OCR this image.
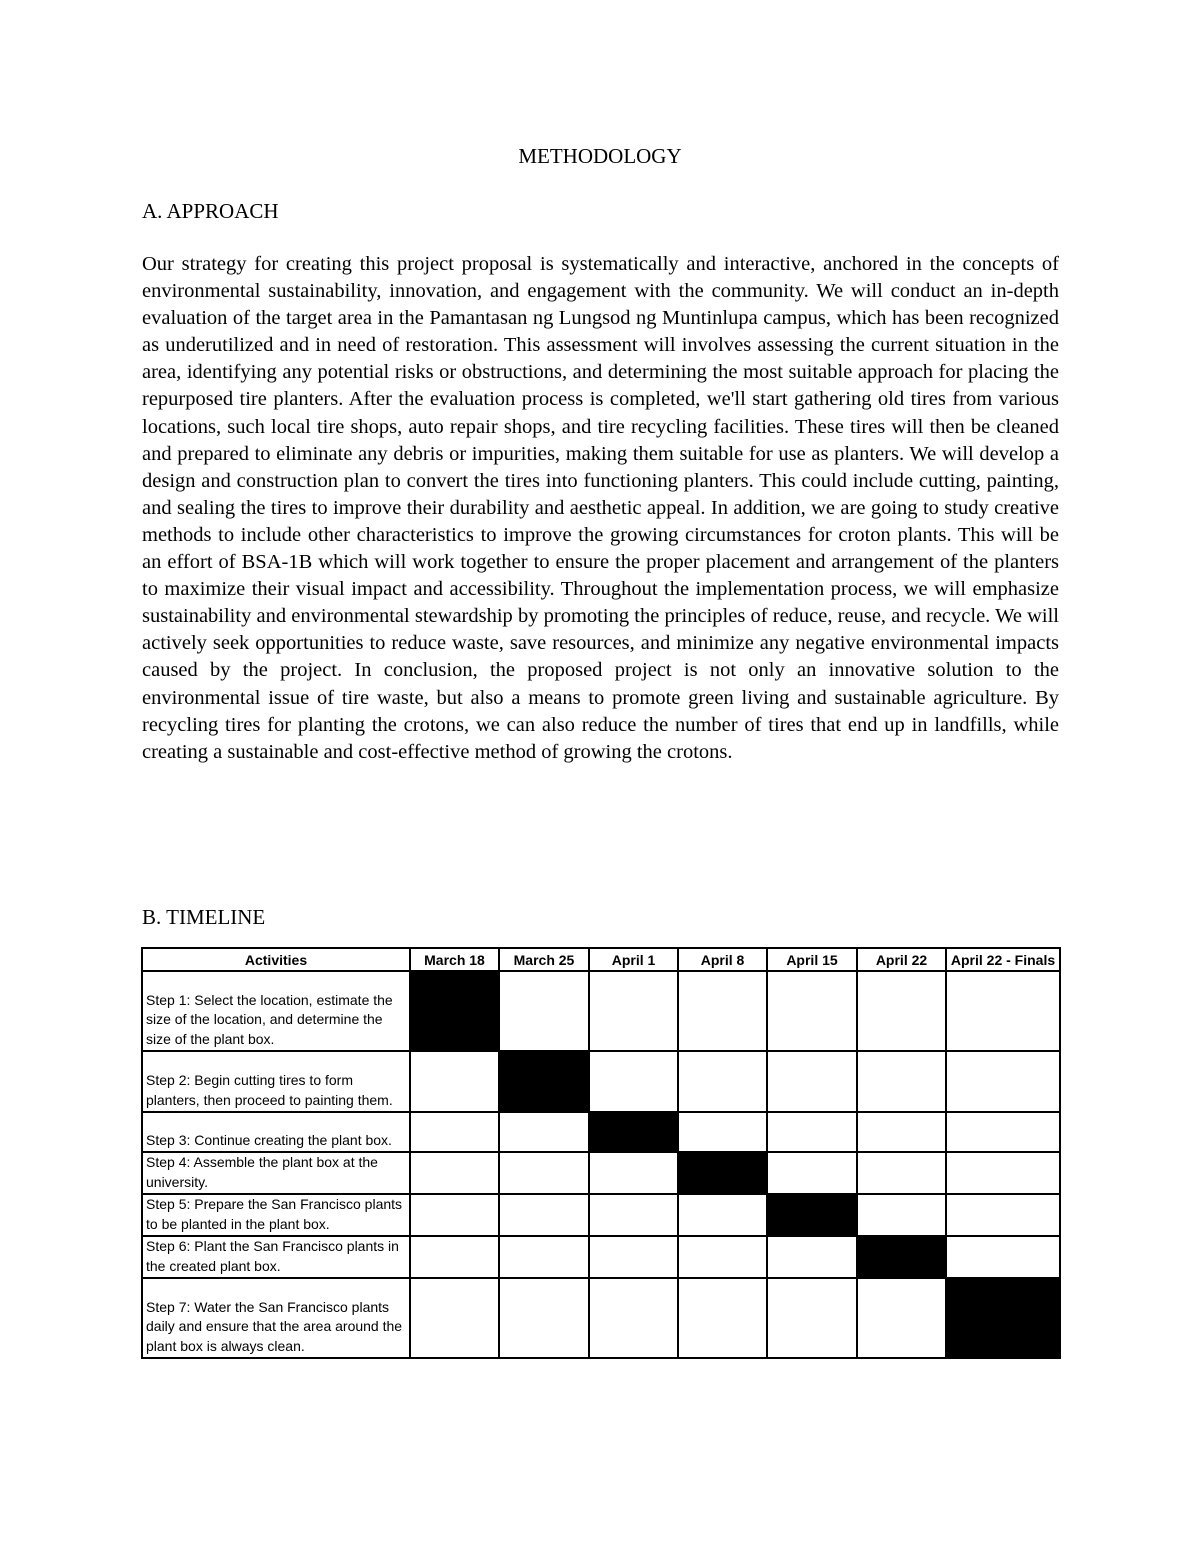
METHODOLOGY
A. APPROACH

Our strategy for creating this project proposal is systematically and interactive, anchored in the concepts of environmental sustainability, innovation, and engagement with the community. We will conduct an in-depth evaluation of the target area in the Pamantasan ng Lungsod ng Muntinlupa campus, which has been recognized as underutilized and in need of restoration. This assessment will involves assessing the current situation in the area, identifying any potential risks or obstructions, and determining the most suitable approach for placing the repurposed tire planters. After the evaluation process is completed, we'll start gathering old tires from various locations, such local tire shops, auto repair shops, and tire recycling facilities. These tires will then be cleaned and prepared to eliminate any debris or impurities, making them suitable for use as planters. We will develop a design and construction plan to convert the tires into functioning planters. This could include cutting, painting, and sealing the tires to improve their durability and aesthetic appeal. In addition, we are going to study creative methods to include other characteristics to improve the growing circumstances for croton plants. This will be an effort of BSA-1B which will work together to ensure the proper placement and arrangement of the planters to maximize their visual impact and accessibility. Throughout the implementation process, we will emphasize sustainability and environmental stewardship by promoting the principles of reduce, reuse, and recycle. We will actively seek opportunities to reduce waste, save resources, and minimize any negative environmental impacts caused by the project. In conclusion, the proposed project is not only an innovative solution to the environmental issue of tire waste, but also a means to promote green living and sustainable agriculture. By recycling tires for planting the crotons, we can also reduce the number of tires that end up in landfills, while creating a sustainable and cost-effective method of growing the crotons.

B. TIMELINE
Activities	March 18	March 25	April 1	April 8	April 15	April 22	April 22 - Finals
Step 1: Select the location, estimate the size of the location, and determine the size of the plant box.							
Step 2: Begin cutting tires to form planters, then proceed to painting them.							
Step 3: Continue creating the plant box.							
Step 4: Assemble the plant box at the university.							
Step 5: Prepare the San Francisco plants to be planted in the plant box.							
Step 6: Plant the San Francisco plants in the created plant box.							
Step 7: Water the San Francisco plants daily and ensure that the area around the plant box is always clean.							
